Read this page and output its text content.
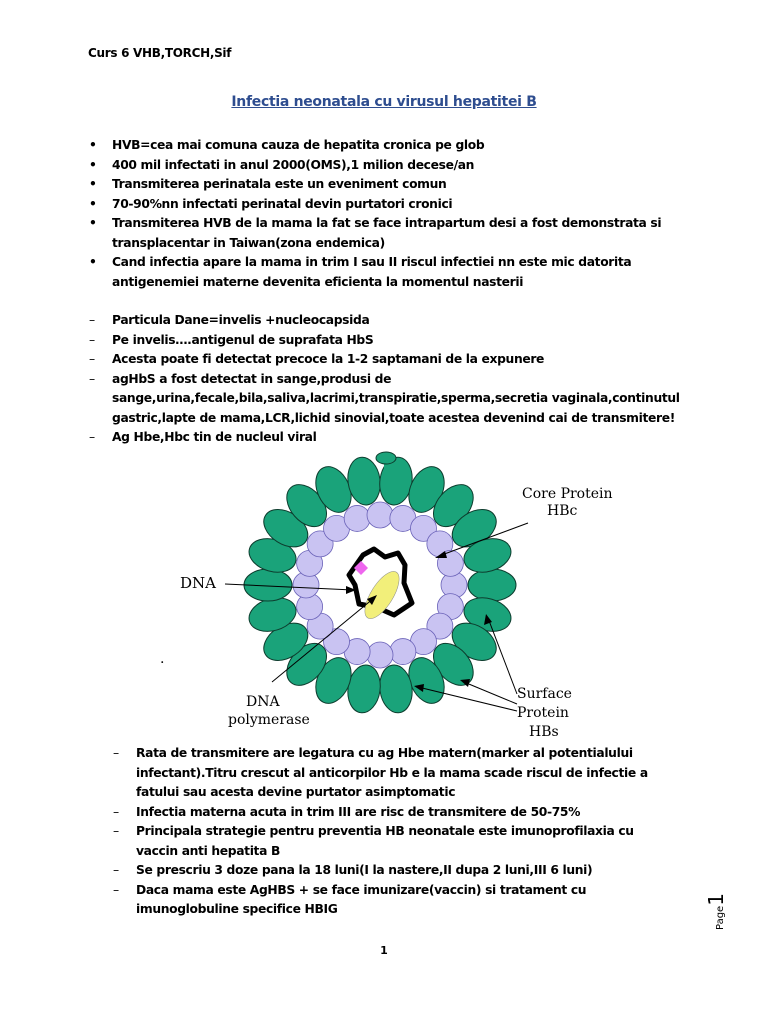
Curs 6 VHB,TORCH,Sif
Infectia neonatala cu virusul hepatitei B
• HVB=cea mai comuna cauza de hepatita cronica pe glob
• 400 mil infectati in anul 2000(OMS),1 milion decese/an
• Transmiterea perinatala este un eveniment comun
• 70-90%nn infectati perinatal devin purtatori cronici
• Transmiterea HVB de la mama la fat se face intrapartum desi a fost demonstrata si transplacentar in Taiwan(zona endemica)
• Cand infectia apare la mama in trim I sau II riscul infectiei nn este mic datorita antigenemiei materne devenita eficienta la momentul nasterii
– Particula Dane=invelis +nucleocapsida
– Pe invelis….antigenul de suprafata HbS
– Acesta poate fi detectat precoce la 1-2 saptamani de la expunere
– agHbS a fost detectat in sange,produsi de sange,urina,fecale,bila,saliva,lacrimi,transpiratie,sperma,secretia vaginala,continutul gastric,lapte de mama,LCR,lichid sinovial,toate acestea devenind cai de transmitere!
– Ag Hbe,Hbc tin de nucleul viral
Core Protein
HBc
DNA
DNA
polymerase
Surface
Protein
HBs
.
– Rata de transmitere are legatura cu ag Hbe matern(marker al potentialului infectant).Titru crescut al anticorpilor Hb e la mama scade riscul de infectie a fatului sau acesta devine purtator asimptomatic
– Infectia materna acuta in trim III are risc de transmitere de 50-75%
– Principala strategie pentru preventia HB neonatale este imunoprofilaxia cu vaccin anti hepatita B
– Se prescriu 3 doze pana la 18 luni(I la nastere,II dupa 2 luni,III 6 luni)
– Daca mama este AgHBS + se face imunizare(vaccin) si tratament cu imunoglobuline specifice HBIG
1
Page1
